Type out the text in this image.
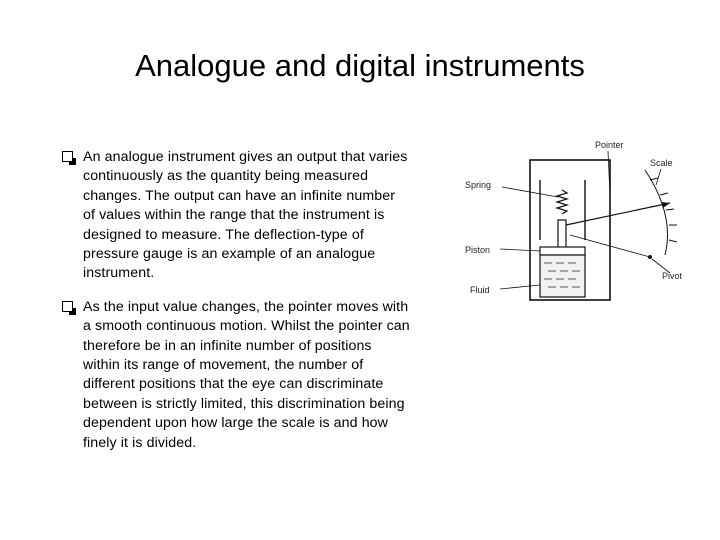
Analogue and digital instruments
An analogue instrument gives an output that varies continuously as the quantity being measured changes. The output can have an infinite number of values within the range that the instrument is designed to measure. The deflection-type of pressure gauge is an example of an analogue instrument.
As the input value changes, the pointer moves with a smooth continuous motion. Whilst the pointer can therefore be in an infinite number of positions within its range of movement, the number of different positions that the eye can discriminate between is strictly limited, this discrimination being dependent upon how large the scale is and how finely it is divided.
Pointer
Scale
Spring
Piston
Fluid
Pivot
